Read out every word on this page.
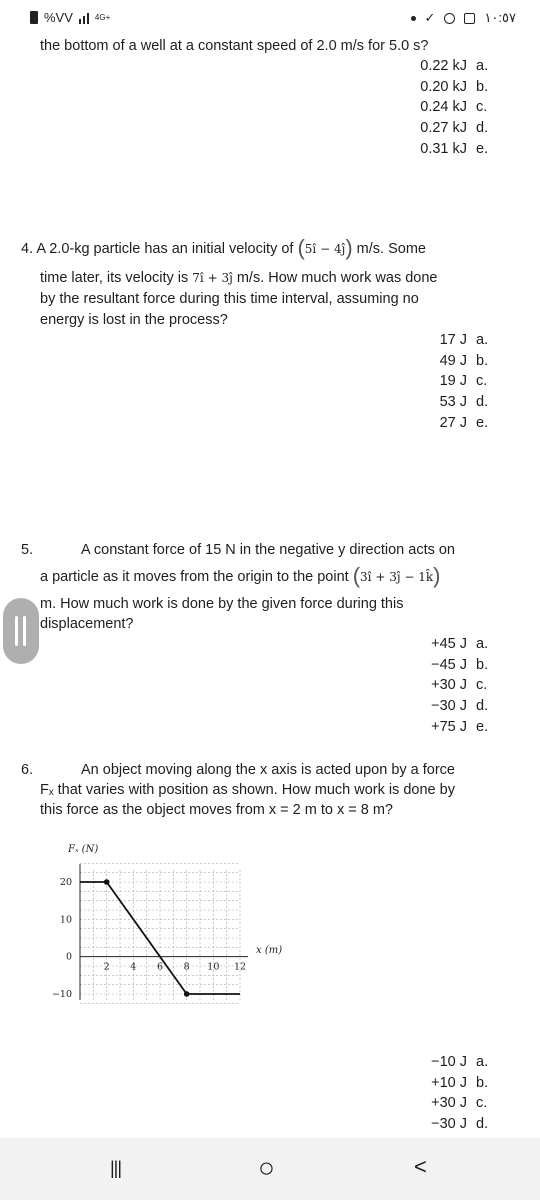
%VV	4G+	✓	١٠:٥٧
the bottom of a well at a constant speed of 2.0 m/s for 5.0 s?
0.22 kJ a.
0.20 kJ b.
0.24 kJ c.
0.27 kJ d.
0.31 kJ e.
4. A 2.0-kg particle has an initial velocity of (5î − 4ĵ) m/s. Some
time later, its velocity is 7î + 3ĵ m/s. How much work was done
by the resultant force during this time interval, assuming no
energy is lost in the process?
17 J a.
49 J b.
19 J c.
53 J d.
27 J e.
5.	A constant force of 15 N in the negative y direction acts on
a particle as it moves from the origin to the point (3î + 3ĵ − 1k̂)
m. How much work is done by the given force during this
displacement?
+45 J a.
−45 J b.
+30 J c.
−30 J d.
+75 J e.
6.	An object moving along the x axis is acted upon by a force
Fₓ that varies with position as shown. How much work is done by
this force as the object moves from x = 2 m to x = 8 m?
20
10
0
−10
2 4 6 8 10 12
Fₓ (N)
x (m)
−10 J a.
+10 J b.
+30 J c.
−30 J d.
|||	○	<
